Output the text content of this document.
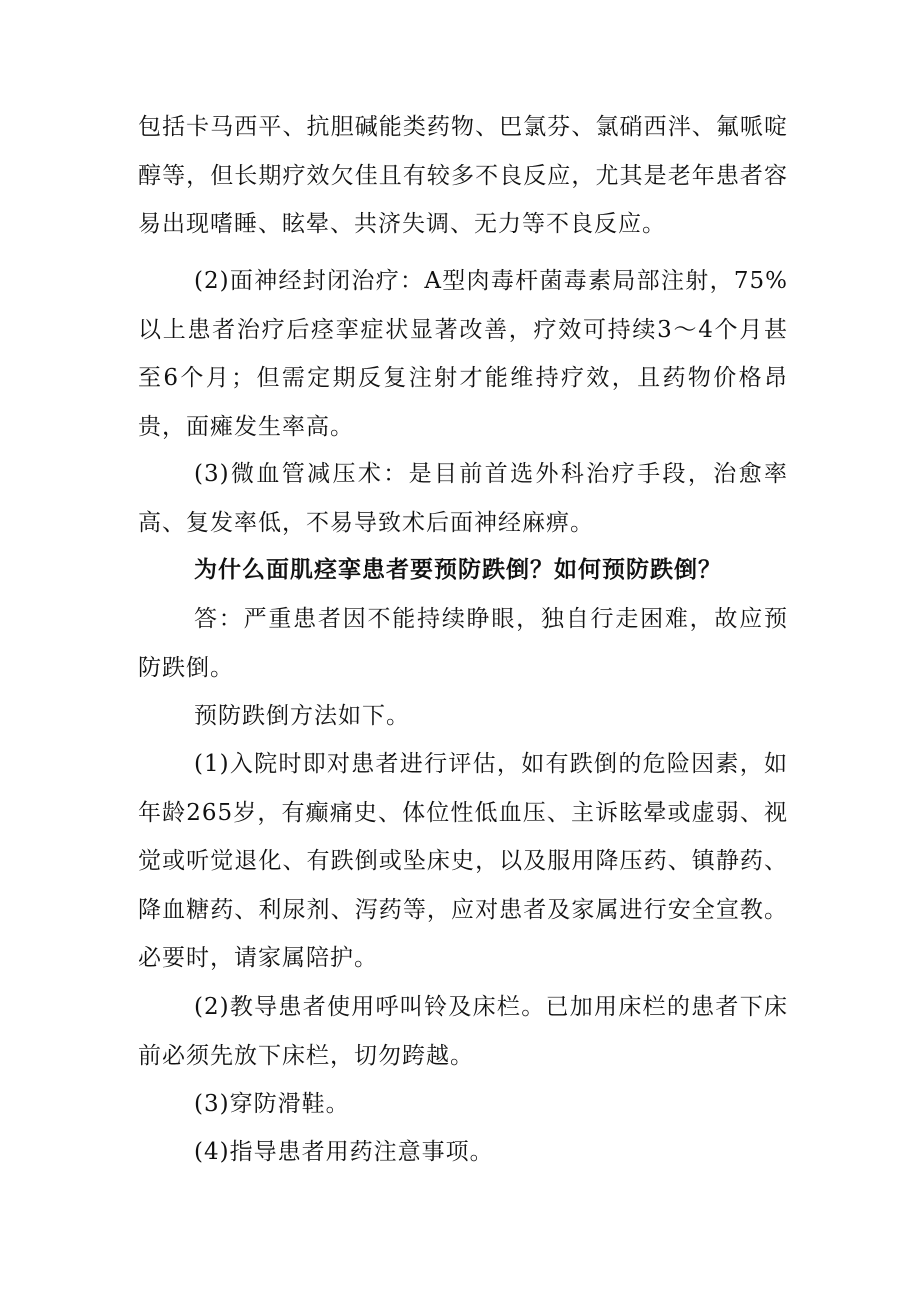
包括卡马西平、抗胆碱能类药物、巴氯芬、氯硝西泮、氟哌啶醇等，但长期疗效欠佳且有较多不良反应，尤其是老年患者容易出现嗜睡、眩晕、共济失调、无力等不良反应。

(2)面神经封闭治疗：A型肉毒杆菌毒素局部注射，75%以上患者治疗后痉挛症状显著改善，疗效可持续3～4个月甚至6个月；但需定期反复注射才能维持疗效，且药物价格昂贵，面瘫发生率高。

(3)微血管减压术：是目前首选外科治疗手段，治愈率高、复发率低，不易导致术后面神经麻痹。

为什么面肌痉挛患者要预防跌倒？如何预防跌倒？

答：严重患者因不能持续睁眼，独自行走困难，故应预防跌倒。

预防跌倒方法如下。

(1)入院时即对患者进行评估，如有跌倒的危险因素，如年龄265岁，有癫痛史、体位性低血压、主诉眩晕或虚弱、视觉或听觉退化、有跌倒或坠床史，以及服用降压药、镇静药、降血糖药、利尿剂、泻药等，应对患者及家属进行安全宣教。必要时，请家属陪护。

(2)教导患者使用呼叫铃及床栏。已加用床栏的患者下床前必须先放下床栏，切勿跨越。

(3)穿防滑鞋。

(4)指导患者用药注意事项。
